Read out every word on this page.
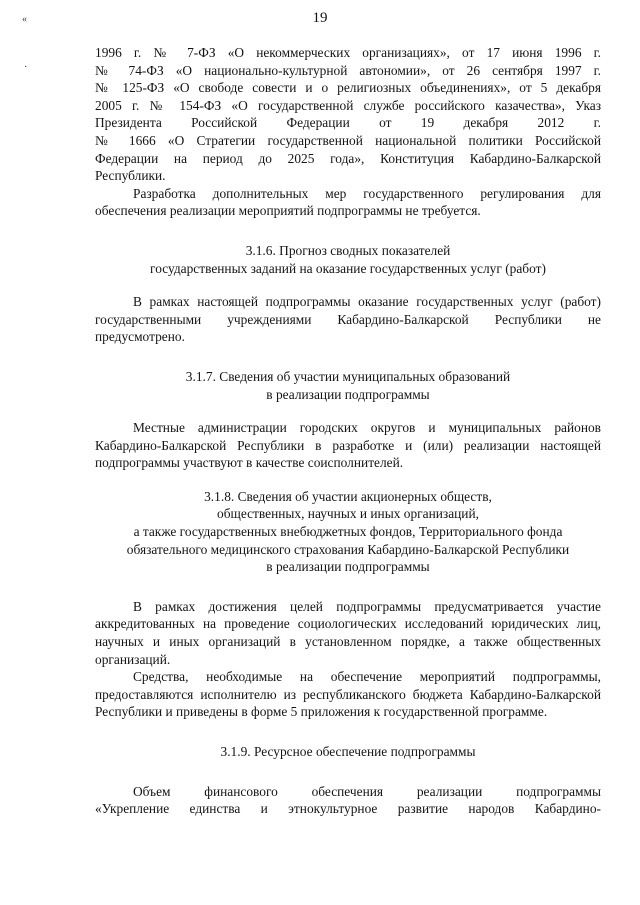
19
«
·

1996 г. № 7-ФЗ «О некоммерческих организациях», от 17 июня 1996 г.

№ 74-ФЗ «О национально-культурной автономии», от 26 сентября 1997 г.

№ 125-ФЗ «О свободе совести и о религиозных объединениях», от 5 декабря

2005 г. № 154-ФЗ «О государственной службе российского казачества», Указ

Президента Российской Федерации от 19 декабря 2012 г.

№ 1666 «О Стратегии государственной национальной политики Российской

Федерации на период до 2025 года», Конституция Кабардино-Балкарской

Республики.

Разработка дополнительных мер государственного регулирования для обеспечения реализации мероприятий подпрограммы не требуется.

3.1.6. Прогноз сводных показателей
государственных заданий на оказание государственных услуг (работ)

В рамках настоящей подпрограммы оказание государственных услуг (работ) государственными учреждениями Кабардино-Балкарской Республики не предусмотрено.

3.1.7. Сведения об участии муниципальных образований
в реализации подпрограммы

Местные администрации городских округов и муниципальных районов Кабардино-Балкарской Республики в разработке и (или) реализации настоящей подпрограммы участвуют в качестве соисполнителей.

3.1.8. Сведения об участии акционерных обществ,
общественных, научных и иных организаций,
а также государственных внебюджетных фондов, Территориального фонда
обязательного медицинского страхования Кабардино-Балкарской Республики
в реализации подпрограммы

В рамках достижения целей подпрограммы предусматривается участие аккредитованных на проведение социологических исследований юридических лиц, научных и иных организаций в установленном порядке, а также общественных организаций.

Средства, необходимые на обеспечение мероприятий подпрограммы, предоставляются исполнителю из республиканского бюджета Кабардино-Балкарской Республики и приведены в форме 5 приложения к государственной программе.

3.1.9. Ресурсное обеспечение подпрограммы

Объем финансового обеспечения реализации подпрограммы

«Укрепление единства и этнокультурное развитие народов Кабардино-
